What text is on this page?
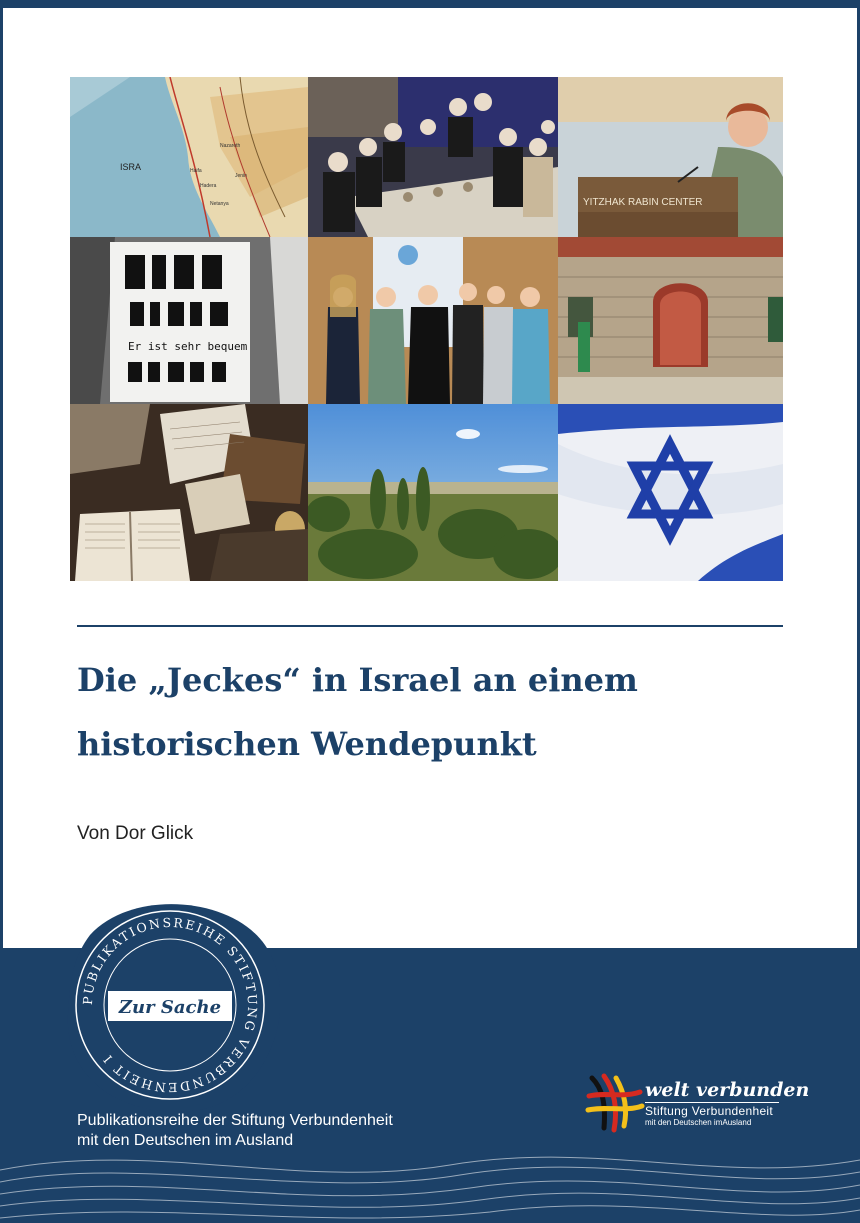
ISRA	Haifa
Hadera
Netanya
Nazareth
Jenin
YITZHAK RABIN CENTER
Er ist sehr bequem
Die „Jeckes“ in Israel an einem
historischen Wendepunkt
Von Dor Glick
PUBLIKATIONSREIHE STIFTUNG VERBUNDENHEIT I
Zur Sache
Publikationsreihe der Stiftung Verbundenheit
mit den Deutschen im Ausland
welt verbunden
Stiftung Verbundenheit
mit den Deutschen imAusland
